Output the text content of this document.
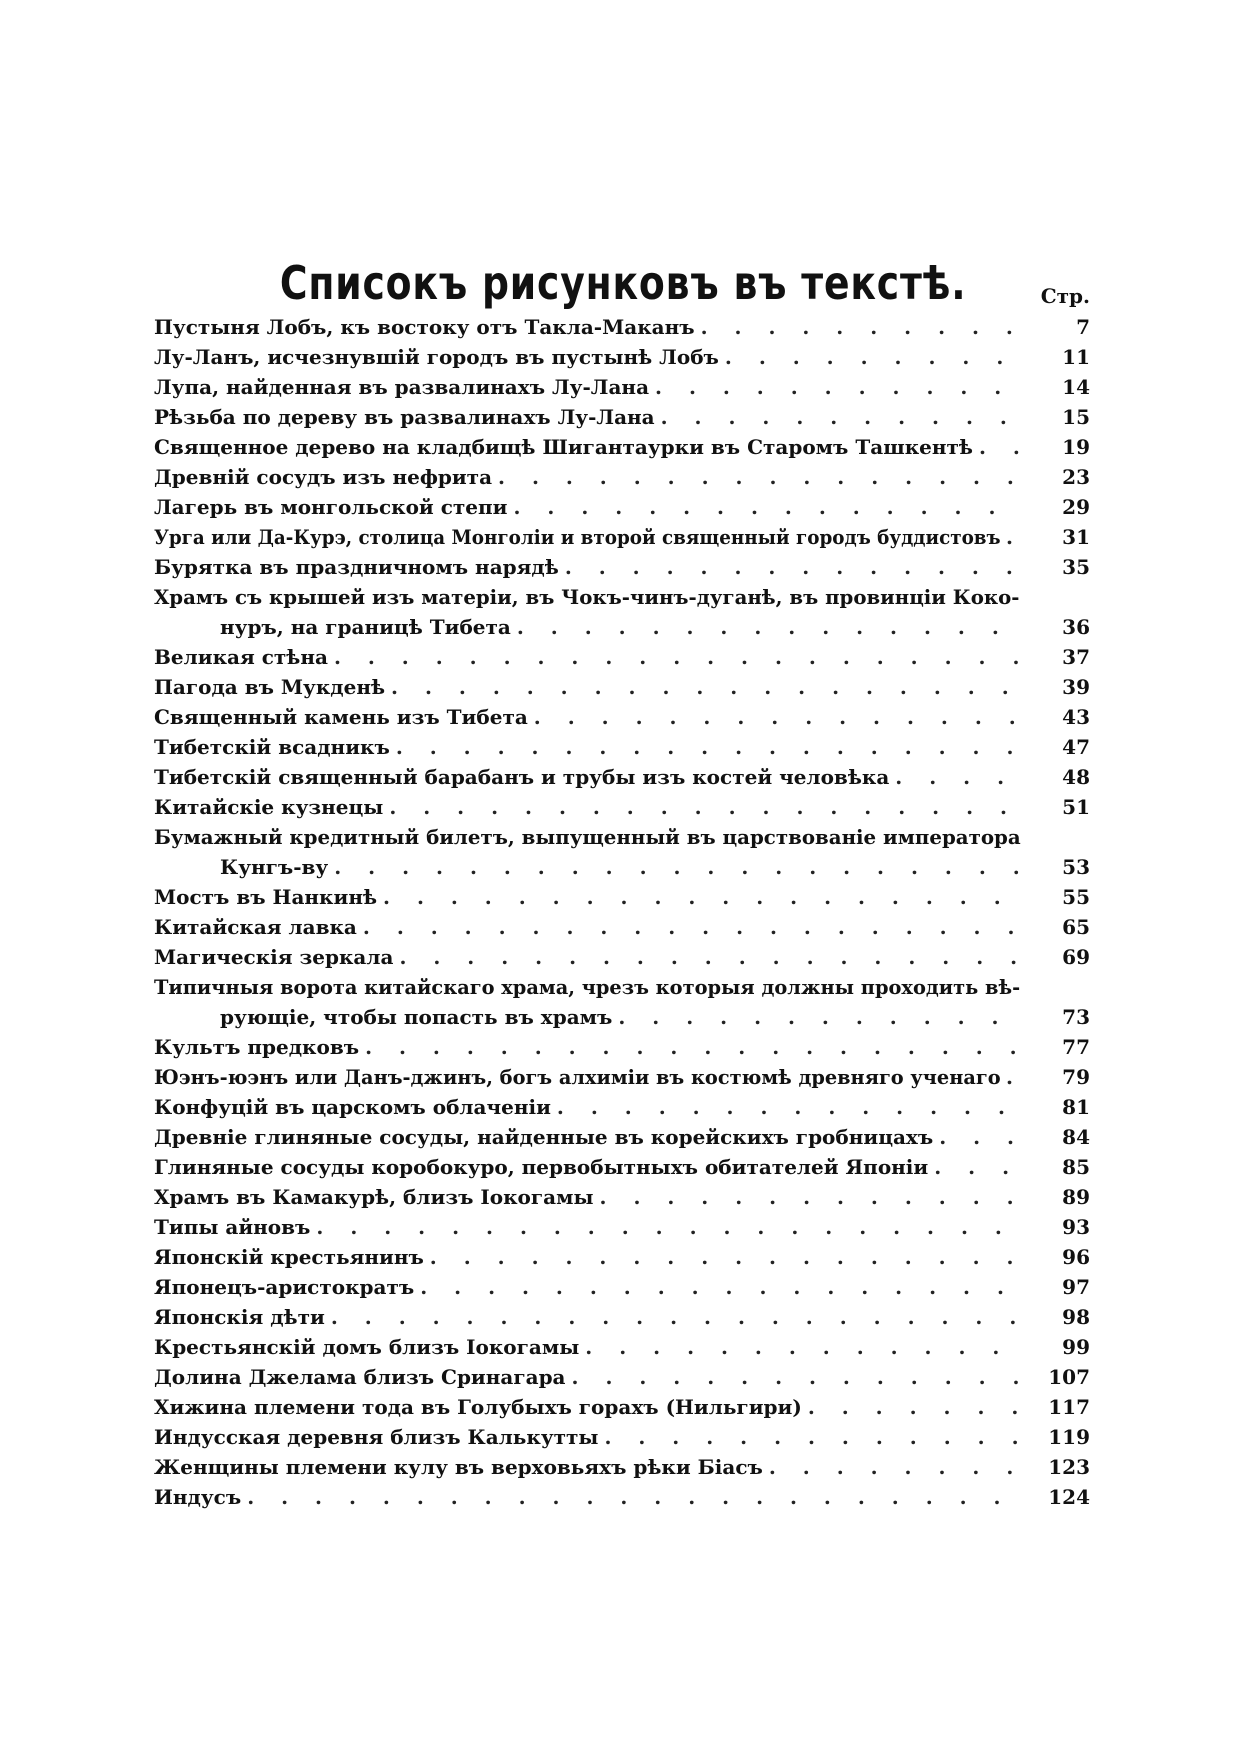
Списокъ рисунковъ въ текстѣ.	Стр.
Пустыня Лобъ, къ востоку отъ Такла-Маканъ . . .	7
Лу-Ланъ, исчезнувшій городъ въ пустынѣ Лобъ . . .	11
Лупа, найденная въ развалинахъ Лу-Лана . . .	14
Рѣзьба по дереву въ развалинахъ Лу-Лана . . .	15
Священное дерево на кладбищѣ Шигантаурки въ Старомъ Ташкентѣ . . .	19
Древній сосудъ изъ нефрита . . .	23
Лагерь въ монгольской степи . . .	29
Урга или Да-Курэ, столица Монголіи и второй священный городъ буддистовъ . . .	31
Бурятка въ праздничномъ нарядѣ . . .	35
Храмъ съ крышей изъ матеріи, въ Чокъ-чинъ-дуганѣ, въ провинціи Коко-
нуръ, на границѣ Тибета . . .	36
Великая стѣна . . .	37
Пагода въ Мукденѣ . . .	39
Священный камень изъ Тибета . . .	43
Тибетскій всадникъ . . .	47
Тибетскій священный барабанъ и трубы изъ костей человѣка . . .	48
Китайскіе кузнецы . . .	51
Бумажный кредитный билетъ, выпущенный въ царствованіе императора
Кунгъ-ву . . .	53
Мостъ въ Нанкинѣ . . .	55
Китайская лавка . . .	65
Магическія зеркала . . .	69
Типичныя ворота китайскаго храма, чрезъ которыя должны проходить вѣ-
рующіе, чтобы попасть въ храмъ . . .	73
Культъ предковъ . . .	77
Юэнъ-юэнъ или Данъ-джинъ, богъ алхиміи въ костюмѣ древняго ученаго . . .	79
Конфуцій въ царскомъ облаченіи . . .	81
Древніе глиняные сосуды, найденные въ корейскихъ гробницахъ . . .	84
Глиняные сосуды коробокуро, первобытныхъ обитателей Японіи . . .	85
Храмъ въ Камакурѣ, близъ Іокогамы . . .	89
Типы айновъ . . .	93
Японскій крестьянинъ . . .	96
Японецъ-аристократъ . . .	97
Японскія дѣти . . .	98
Крестьянскій домъ близъ Іокогамы . . .	99
Долина Джелама близъ Сринагара . . .	107
Хижина племени тода въ Голубыхъ горахъ (Нильгири) . . .	117
Индусская деревня близъ Калькутты . . .	119
Женщины племени кулу въ верховьяхъ рѣки Біасъ . . .	123
Индусъ . . .	124
